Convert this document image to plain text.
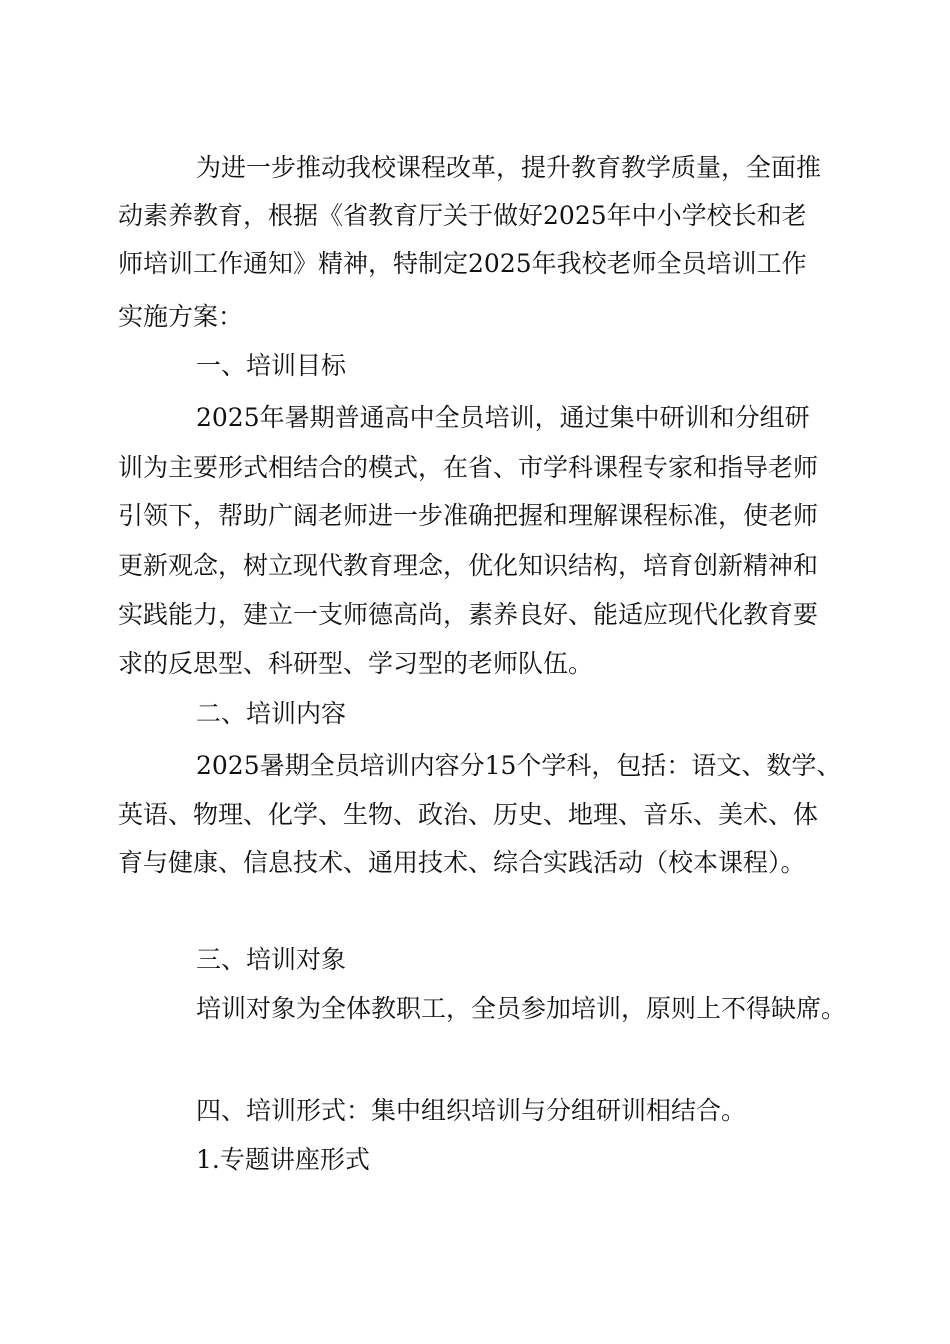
为进一步推动我校课程改革，提升教育教学质量，全面推
动素养教育，根据《省教育厅关于做好2025年中小学校长和老
师培训工作通知》精神，特制定2025年我校老师全员培训工作
实施方案：
一、培训目标
2025年暑期普通高中全员培训，通过集中研训和分组研
训为主要形式相结合的模式，在省、市学科课程专家和指导老师
引领下，帮助广阔老师进一步准确把握和理解课程标准，使老师
更新观念，树立现代教育理念，优化知识结构，培育创新精神和
实践能力，建立一支师德高尚，素养良好、能适应现代化教育要
求的反思型、科研型、学习型的老师队伍。
二、培训内容
2025暑期全员培训内容分15个学科，包括：语文、数学、
英语、物理、化学、生物、政治、历史、地理、音乐、美术、体
育与健康、信息技术、通用技术、综合实践活动（校本课程）。
三、培训对象
培训对象为全体教职工，全员参加培训，原则上不得缺席。
四、培训形式：集中组织培训与分组研训相结合。
1.专题讲座形式
